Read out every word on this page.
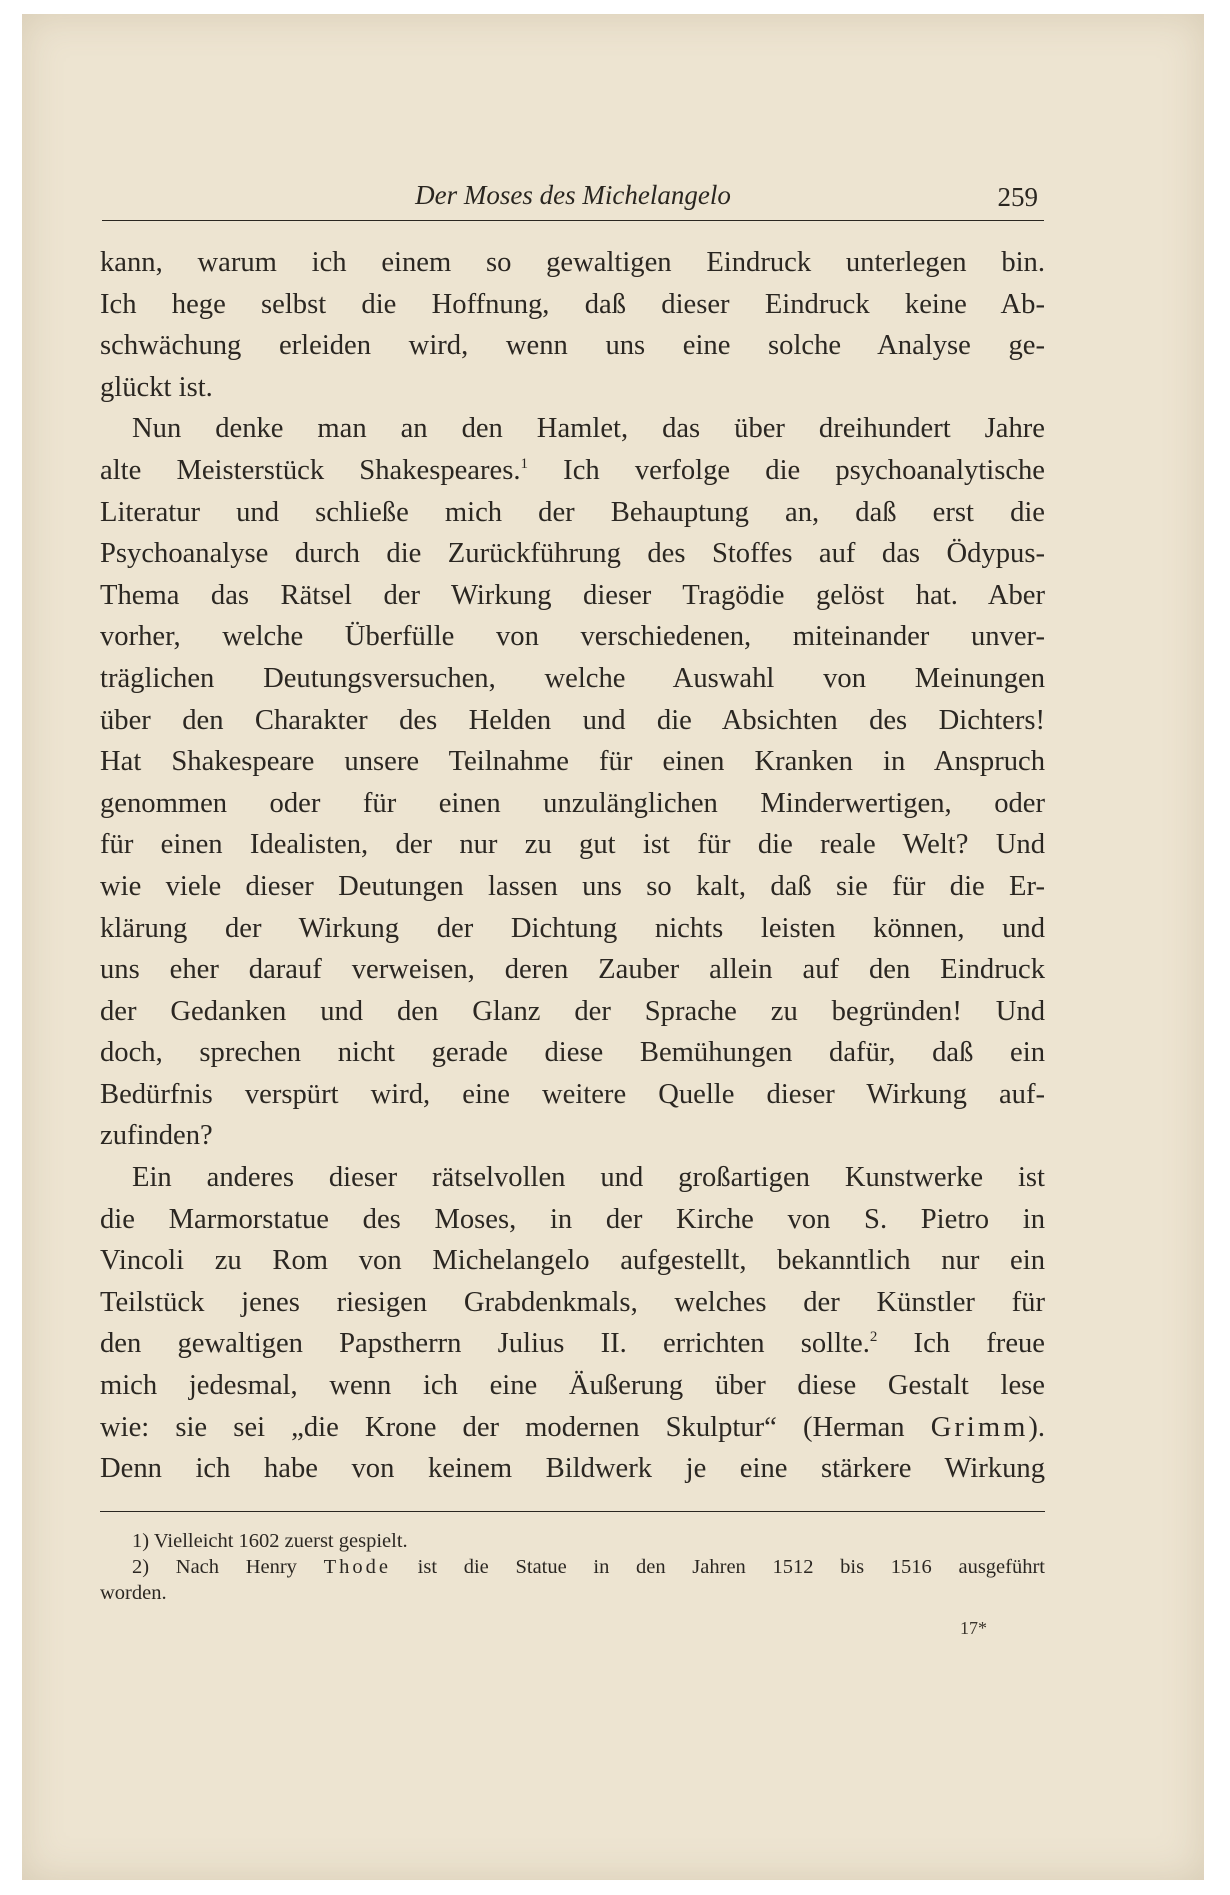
Der Moses des Michelangelo	259
kann, warum ich einem so gewaltigen Eindruck unterlegen bin.
Ich hege selbst die Hoffnung, daß dieser Eindruck keine Ab-
schwächung erleiden wird, wenn uns eine solche Analyse ge-
glückt ist.
Nun denke man an den Hamlet, das über dreihundert Jahre
alte Meisterstück Shakespeares.$^1$ Ich verfolge die psychoanalytische
Literatur und schließe mich der Behauptung an, daß erst die
Psychoanalyse durch die Zurückführung des Stoffes auf das Ödypus-
Thema das Rätsel der Wirkung dieser Tragödie gelöst hat. Aber
vorher, welche Überfülle von verschiedenen, miteinander unver-
träglichen Deutungsversuchen, welche Auswahl von Meinungen
über den Charakter des Helden und die Absichten des Dichters!
Hat Shakespeare unsere Teilnahme für einen Kranken in Anspruch
genommen oder für einen unzulänglichen Minderwertigen, oder
für einen Idealisten, der nur zu gut ist für die reale Welt? Und
wie viele dieser Deutungen lassen uns so kalt, daß sie für die Er-
klärung der Wirkung der Dichtung nichts leisten können, und
uns eher darauf verweisen, deren Zauber allein auf den Eindruck
der Gedanken und den Glanz der Sprache zu begründen! Und
doch, sprechen nicht gerade diese Bemühungen dafür, daß ein
Bedürfnis verspürt wird, eine weitere Quelle dieser Wirkung auf-
zufinden?
Ein anderes dieser rätselvollen und großartigen Kunstwerke ist
die Marmorstatue des Moses, in der Kirche von S. Pietro in
Vincoli zu Rom von Michelangelo aufgestellt, bekanntlich nur ein
Teilstück jenes riesigen Grabdenkmals, welches der Künstler für
den gewaltigen Papstherrn Julius II. errichten sollte.$^2$ Ich freue
mich jedesmal, wenn ich eine Äußerung über diese Gestalt lese
wie: sie sei „die Krone der modernen Skulptur“ (Herman Grimm).
Denn ich habe von keinem Bildwerk je eine stärkere Wirkung
1) Vielleicht 1602 zuerst gespielt.
2) Nach Henry Thode ist die Statue in den Jahren 1512 bis 1516 ausgeführt
worden.
17*
